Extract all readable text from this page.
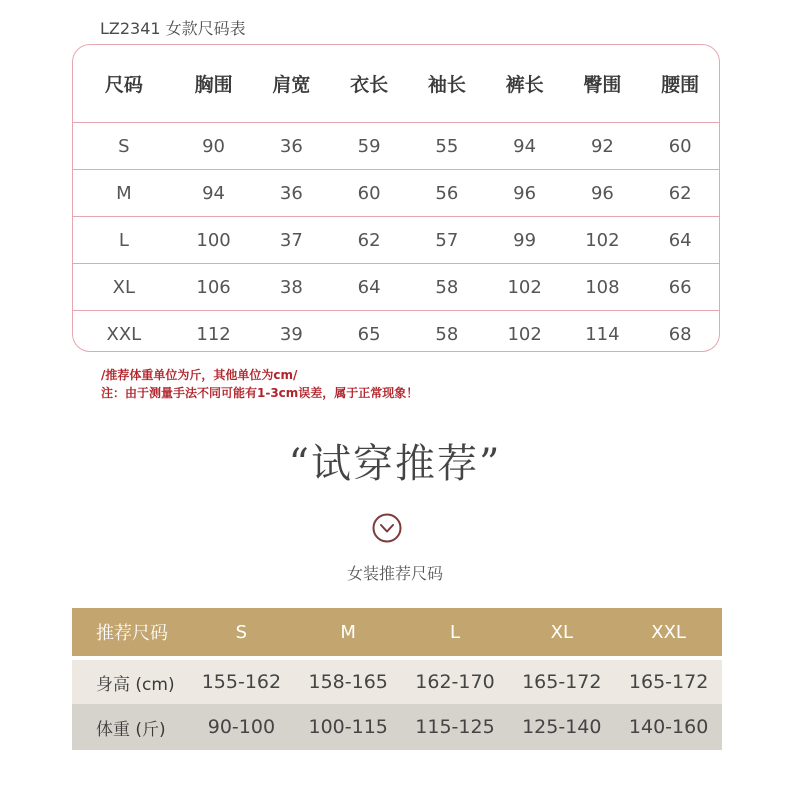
LZ2341 女款尺码表
尺码	胸围	肩宽	衣长	袖长	裤长	臀围	腰围
S	90	36	59	55	94	92	60
M	94	36	60	56	96	96	62
L	100	37	62	57	99	102	64
XL	106	38	64	58	102	108	66
XXL	112	39	65	58	102	114	68
/推荐体重单位为斤，其他单位为cm/
注：由于测量手法不同可能有1-3cm误差，属于正常现象！
“试穿推荐”
女装推荐尺码
推荐尺码	S	M	L	XL	XXL
身高 (cm)	155-162	158-165	162-170	165-172	165-172
体重 (斤)	90-100	100-115	115-125	125-140	140-160
